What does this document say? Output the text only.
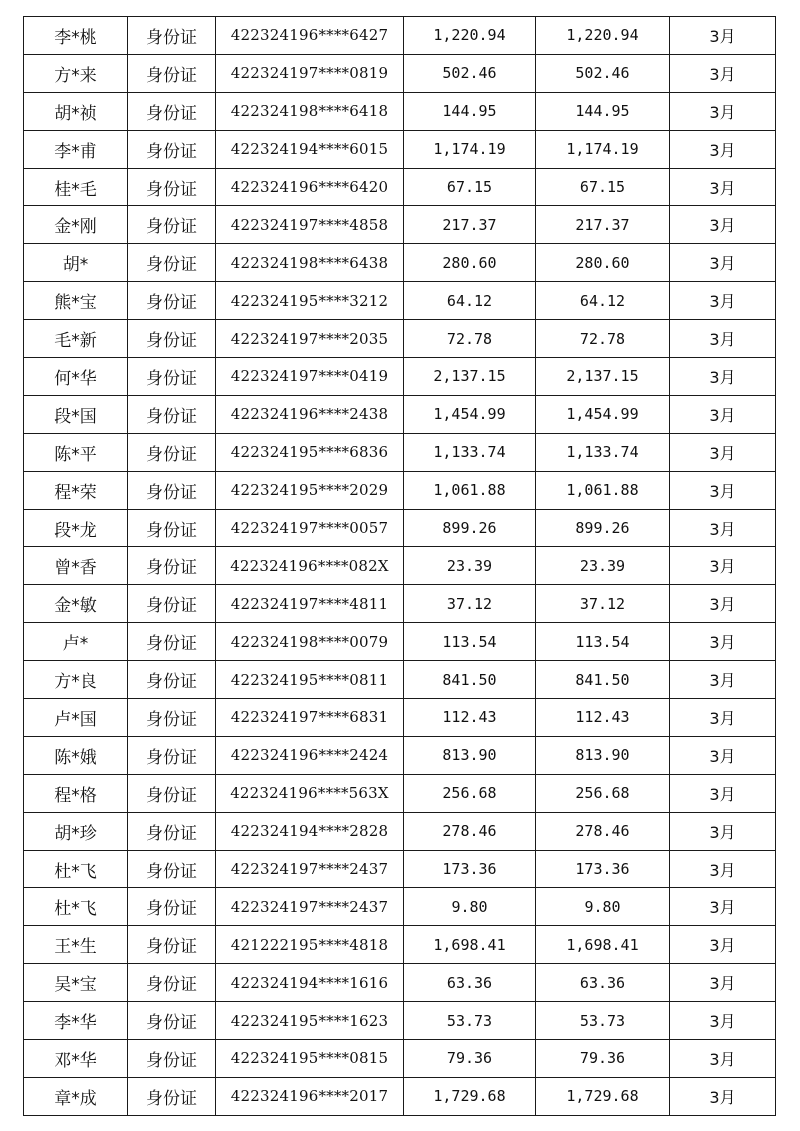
李*桃	身份证	422324196****6427	1,220.94	1,220.94	3月
方*来	身份证	422324197****0819	502.46	502.46	3月
胡*祯	身份证	422324198****6418	144.95	144.95	3月
李*甫	身份证	422324194****6015	1,174.19	1,174.19	3月
桂*毛	身份证	422324196****6420	67.15	67.15	3月
金*刚	身份证	422324197****4858	217.37	217.37	3月
胡*	身份证	422324198****6438	280.60	280.60	3月
熊*宝	身份证	422324195****3212	64.12	64.12	3月
毛*新	身份证	422324197****2035	72.78	72.78	3月
何*华	身份证	422324197****0419	2,137.15	2,137.15	3月
段*国	身份证	422324196****2438	1,454.99	1,454.99	3月
陈*平	身份证	422324195****6836	1,133.74	1,133.74	3月
程*荣	身份证	422324195****2029	1,061.88	1,061.88	3月
段*龙	身份证	422324197****0057	899.26	899.26	3月
曾*香	身份证	422324196****082X	23.39	23.39	3月
金*敏	身份证	422324197****4811	37.12	37.12	3月
卢*	身份证	422324198****0079	113.54	113.54	3月
方*良	身份证	422324195****0811	841.50	841.50	3月
卢*国	身份证	422324197****6831	112.43	112.43	3月
陈*娥	身份证	422324196****2424	813.90	813.90	3月
程*格	身份证	422324196****563X	256.68	256.68	3月
胡*珍	身份证	422324194****2828	278.46	278.46	3月
杜*飞	身份证	422324197****2437	173.36	173.36	3月
杜*飞	身份证	422324197****2437	9.80	9.80	3月
王*生	身份证	421222195****4818	1,698.41	1,698.41	3月
吴*宝	身份证	422324194****1616	63.36	63.36	3月
李*华	身份证	422324195****1623	53.73	53.73	3月
邓*华	身份证	422324195****0815	79.36	79.36	3月
章*成	身份证	422324196****2017	1,729.68	1,729.68	3月
